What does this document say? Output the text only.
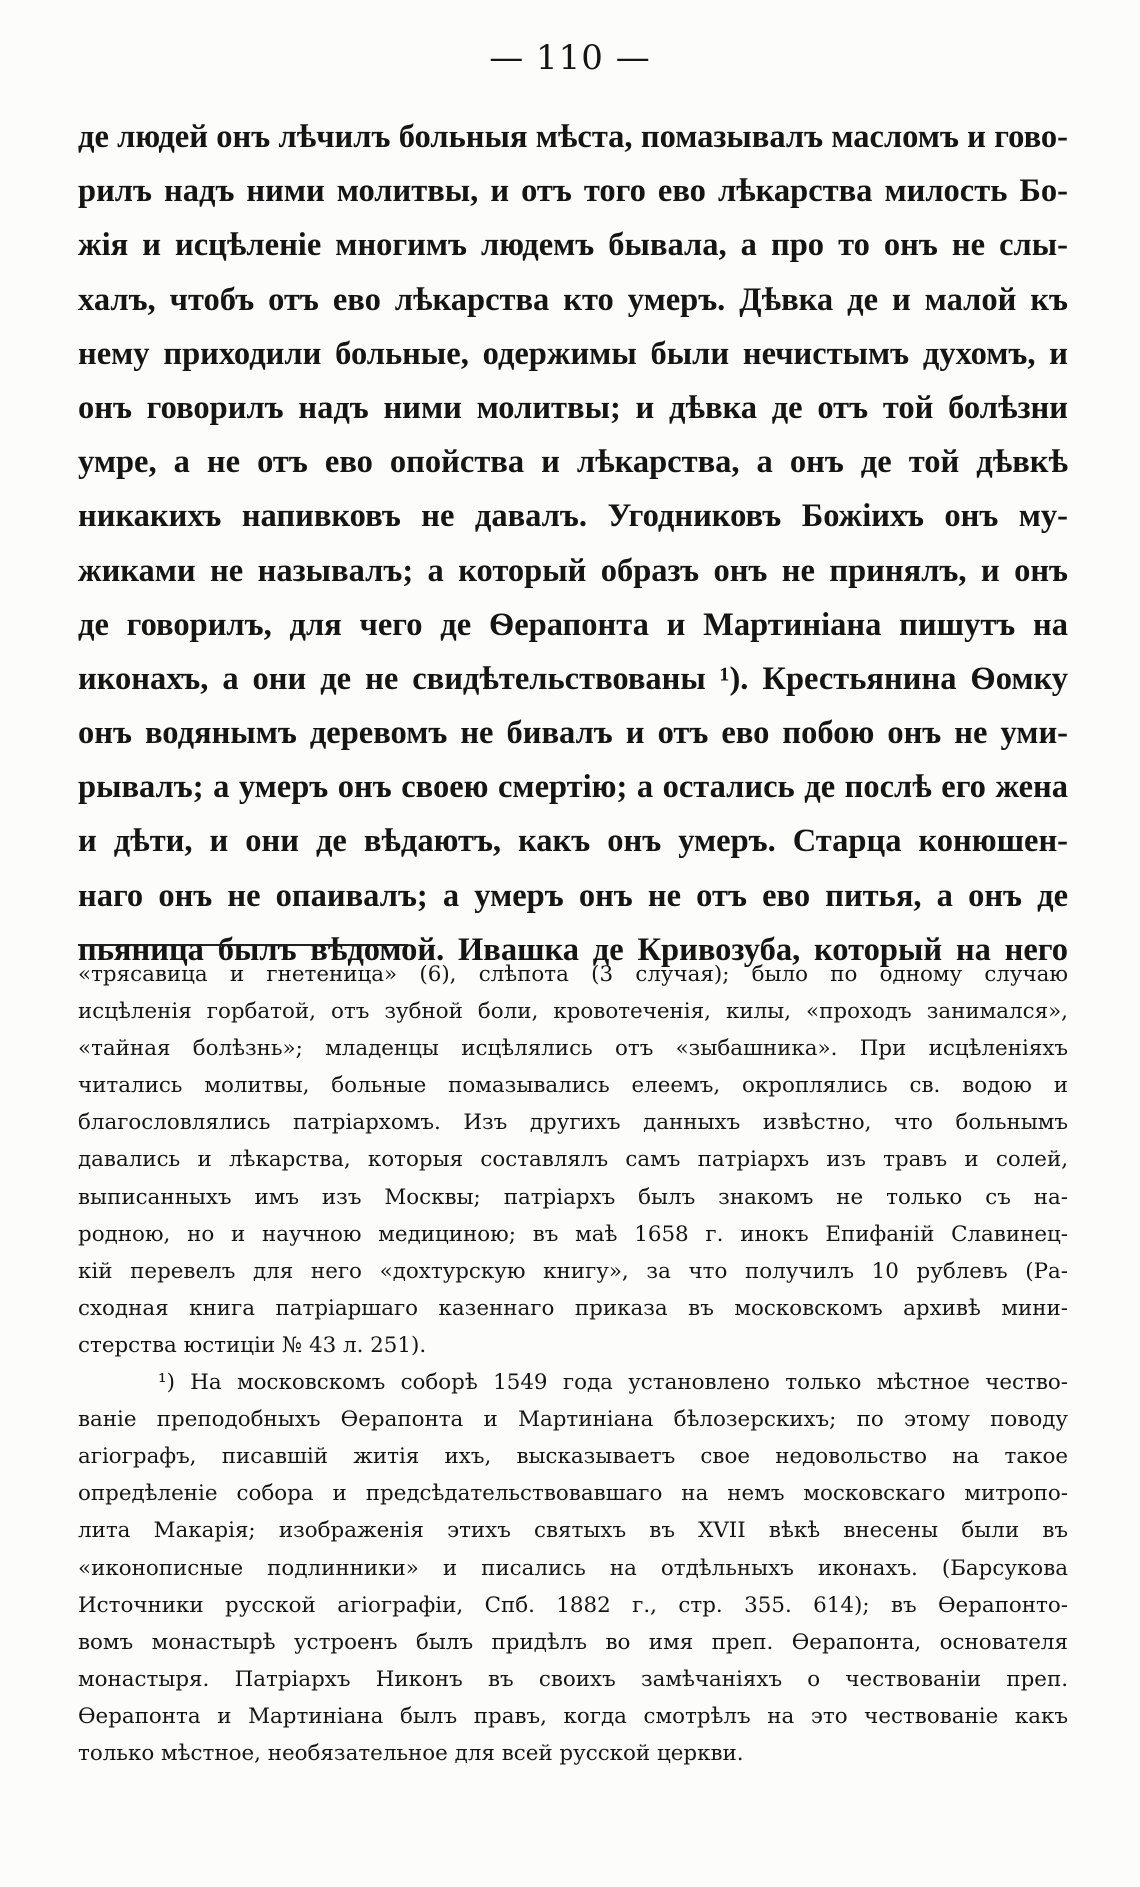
— 110 —
де людей онъ лѣчилъ больныя мѣста, помазывалъ масломъ и гово-
рилъ надъ ними молитвы, и отъ того ево лѣкарства милость Бо-
жія и исцѣленіе многимъ людемъ бывала, а про то онъ не слы-
халъ, чтобъ отъ ево лѣкарства кто умеръ. Дѣвка де и малой къ
нему приходили больные, одержимы были нечистымъ духомъ, и
онъ говорилъ надъ ними молитвы; и дѣвка де отъ той болѣзни
умре, а не отъ ево опойства и лѣкарства, а онъ де той дѣвкѣ
никакихъ напивковъ не давалъ. Угодниковъ Божіихъ онъ му-
жиками не называлъ; а который образъ онъ не принялъ, и онъ
де говорилъ, для чего де Ѳерапонта и Мартиніана пишутъ на
иконахъ, а они де не свидѣтельствованы ¹). Крестьянина Ѳомку
онъ водянымъ деревомъ не бивалъ и отъ ево побою онъ не уми-
рывалъ; а умеръ онъ своею смертію; а остались де послѣ его жена
и дѣти, и они де вѣдаютъ, какъ онъ умеръ. Старца конюшен-
наго онъ не опаивалъ; а умеръ онъ не отъ ево питья, а онъ де
пьяница былъ вѣдомой. Ивашка де Кривозуба, который на него
«трясавица и гнетеница» (6), слѣпота (3 случая); было по одному случаю
исцѣленія горбатой, отъ зубной боли, кровотеченія, килы, «проходъ занимался»,
«тайная болѣзнь»; младенцы исцѣлялись отъ «зыбашника». При исцѣленіяхъ
читались молитвы, больные помазывались елеемъ, окроплялись св. водою и
благословлялись патріархомъ. Изъ другихъ данныхъ извѣстно, что больнымъ
давались и лѣкарства, которыя составлялъ самъ патріархъ изъ травъ и солей,
выписанныхъ имъ изъ Москвы; патріархъ былъ знакомъ не только съ на-
родною, но и научною медициною; въ маѣ 1658 г. инокъ Епифаній Славинец-
кій перевелъ для него «дохтурскую книгу», за что получилъ 10 рублевъ (Ра-
сходная книга патріаршаго казеннаго приказа въ московскомъ архивѣ мини-
стерства юстиціи № 43 л. 251).
¹) На московскомъ соборѣ 1549 года установлено только мѣстное чество-
ваніе преподобныхъ Ѳерапонта и Мартиніана бѣлозерскихъ; по этому поводу
агіографъ, писавшій житія ихъ, высказываетъ свое недовольство на такое
опредѣленіе собора и предсѣдательствовавшаго на немъ московскаго митропо-
лита Макарія; изображенія этихъ святыхъ въ XVII вѣкѣ внесены были въ
«иконописные подлинники» и писались на отдѣльныхъ иконахъ. (Барсукова
Источники русской агіографіи, Спб. 1882 г., стр. 355. 614); въ Ѳерапонто-
вомъ монастырѣ устроенъ былъ придѣлъ во имя преп. Ѳерапонта, основателя
монастыря. Патріархъ Никонъ въ своихъ замѣчаніяхъ о чествованіи преп.
Ѳерапонта и Мартиніана былъ правъ, когда смотрѣлъ на это чествованіе какъ
только мѣстное, необязательное для всей русской церкви.
